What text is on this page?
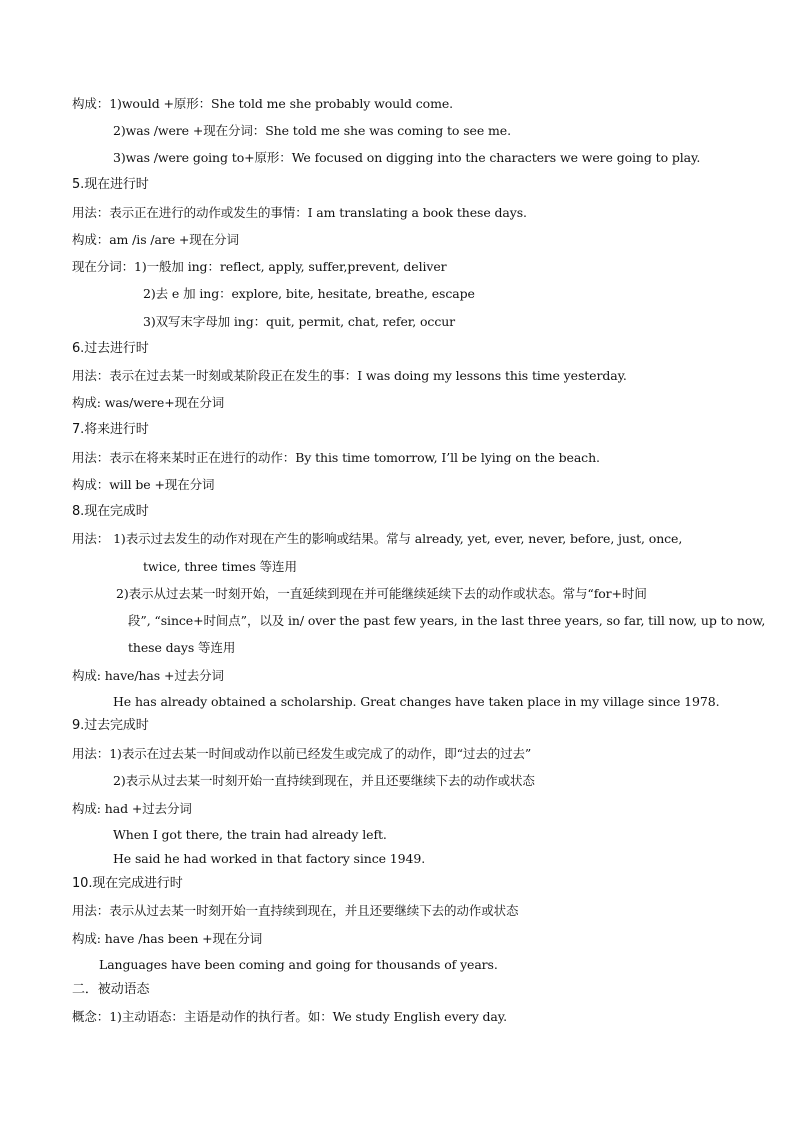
构成：1)would +原形：She told me she probably would come.
2)was /were +现在分词：She told me she was coming to see me.
3)was /were going to+原形：We focused on digging into the characters we were going to play.
5.现在进行时
用法：表示正在进行的动作或发生的事情：I am translating a book these days.
构成：am /is /are +现在分词
现在分词：1)一般加 ing：reflect, apply, suffer,prevent, deliver
2)去 e 加 ing：explore, bite, hesitate, breathe, escape
3)双写末字母加 ing：quit, permit, chat, refer, occur
6.过去进行时
用法：表示在过去某一时刻或某阶段正在发生的事：I was doing my lessons this time yesterday.
构成: was/were+现在分词
7.将来进行时
用法：表示在将来某时正在进行的动作：By this time tomorrow, I’ll be lying on the beach.
构成：will be +现在分词
8.现在完成时
用法： 1)表示过去发生的动作对现在产生的影响或结果。常与 already, yet, ever, never, before, just, once,
twice, three times 等连用
2)表示从过去某一时刻开始，一直延续到现在并可能继续延续下去的动作或状态。常与“for+时间
段”, “since+时间点”，以及 in/ over the past few years, in the last three years, so far, till now, up to now,
these days 等连用
构成: have/has +过去分词
He has already obtained a scholarship. Great changes have taken place in my village since 1978.
9.过去完成时
用法：1)表示在过去某一时间或动作以前已经发生或完成了的动作，即“过去的过去”
2)表示从过去某一时刻开始一直持续到现在，并且还要继续下去的动作或状态
构成: had +过去分词
When I got there, the train had already left.
He said he had worked in that factory since 1949.
10.现在完成进行时
用法：表示从过去某一时刻开始一直持续到现在，并且还要继续下去的动作或状态
构成: have /has been +现在分词
Languages have been coming and going for thousands of years.
二．被动语态
概念：1)主动语态：主语是动作的执行者。如：We study English every day.
